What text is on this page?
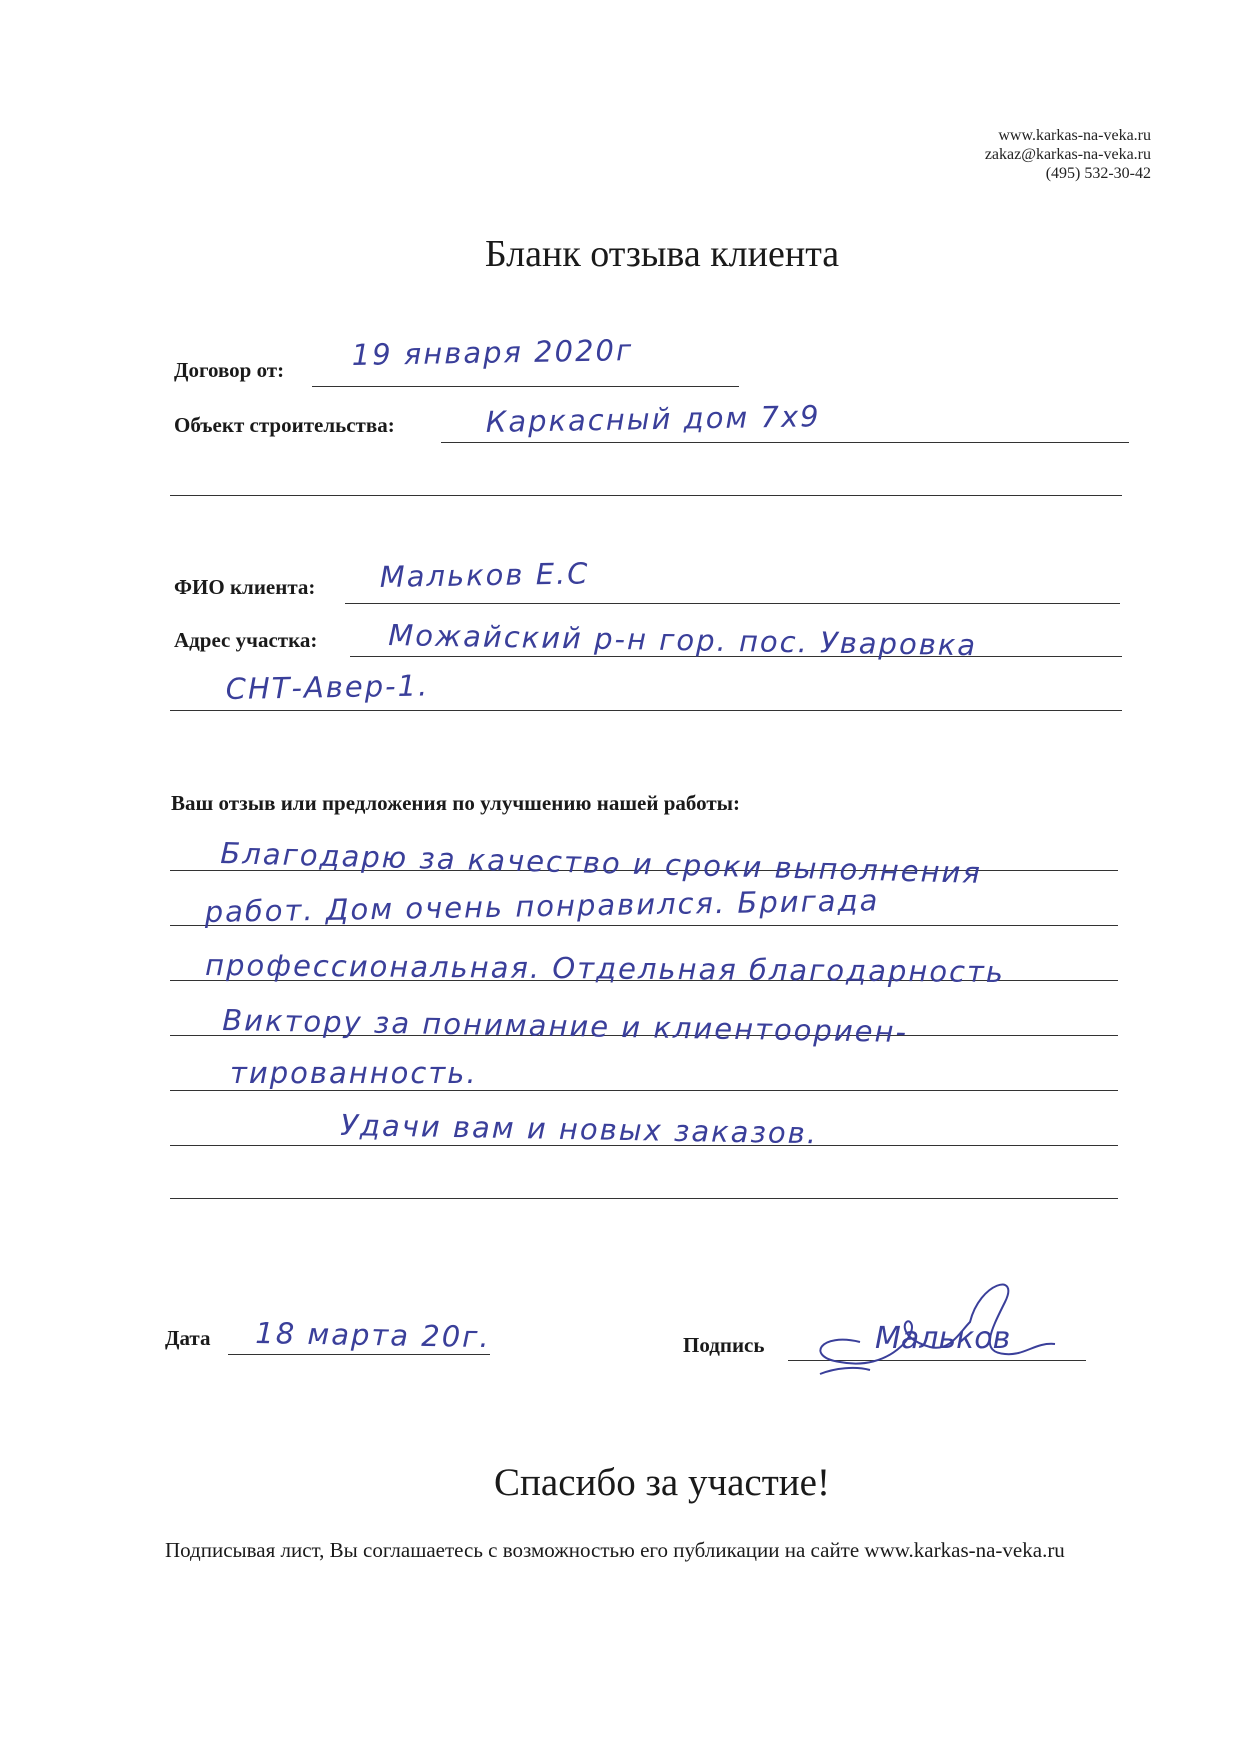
www.karkas-na-veka.ru
zakaz@karkas-na-veka.ru
(495) 532-30-42
Бланк отзыва клиента
Договор от: 19 января 2020г
Объект строительства:	Каркасный дом 7х9
ФИО клиента: Мальков Е.С
Адрес участка: Можайский р-н гор. пос. Уваровка
СНТ-Авер-1.
Ваш отзыв или предложения по улучшению нашей работы:
Благодарю за качество и сроки выполнения
работ. Дом очень понравился. Бригада
профессиональная. Отдельная благодарность
Виктору за понимание и клиентоориен-
тированность.
Удачи вам и новых заказов.
Дата 18 марта 20г.	Подпись	Мальков
Спасибо за участие!
Подписывая лист, Вы соглашаетесь с возможностью его публикации на сайте www.karkas-na-veka.ru
